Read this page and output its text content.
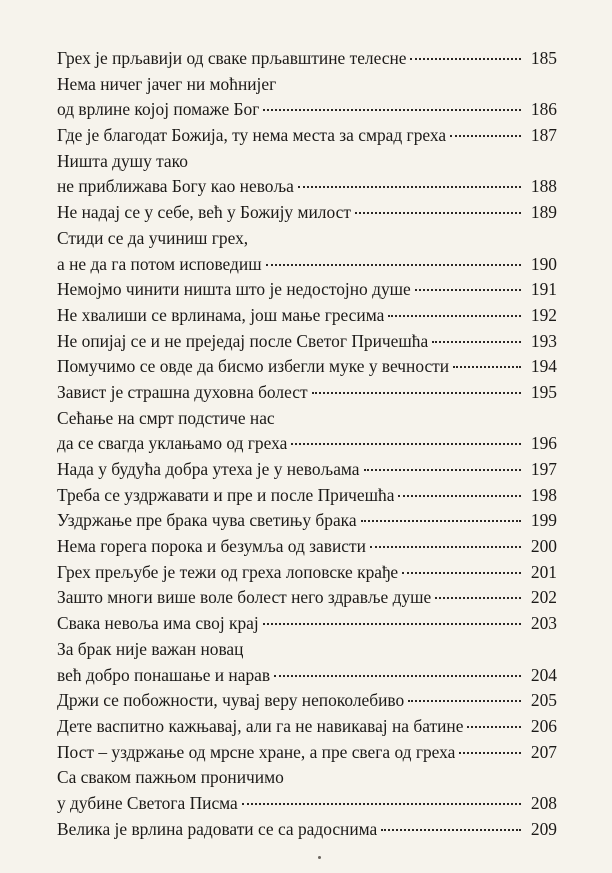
Грех је прљавији од сваке прљавштине телесне	185
Нема ничег јачег ни моћнијег
од врлине којој помаже Бог	186
Где је благодат Божија, ту нема места за смрад греха	187
Ништа душу тако
не приближава Богу као невоља	188
Не надај се у себе, већ у Божију милост	189
Стиди се да учиниш грех,
а не да га потом исповедиш	190
Немојмо чинити ништа што је недостојно душе	191
Не хвалиши се врлинама, још мање гресима	192
Не опијај се и не преједај после Светог Причешћа	193
Помучимо се овде да бисмо избегли муке у вечности	194
Завист је страшна духовна болест	195
Сећање на смрт подстиче нас
да се свагда уклањамо од греха	196
Нада у будућа добра утеха је у невољама	197
Треба се уздржавати и пре и после Причешћа	198
Уздржање пре брака чува светињу брака	199
Нема горега порока и безумља од зависти	200
Грех прељубе је тежи од греха лоповске крађе	201
Зашто многи више воле болест него здравље душе	202
Свака невоља има свој крај	203
За брак није важан новац
већ добро понашање и нарав	204
Држи се побожности, чувај веру непоколебиво	205
Дете васпитно кажњавај, али га не навикавај на батине	206
Пост – уздржање од мрсне хране, а пре свега од греха	207
Са сваком пажњом проничимо
у дубине Светога Писма	208
Велика је врлина радовати се са радоснима	209
